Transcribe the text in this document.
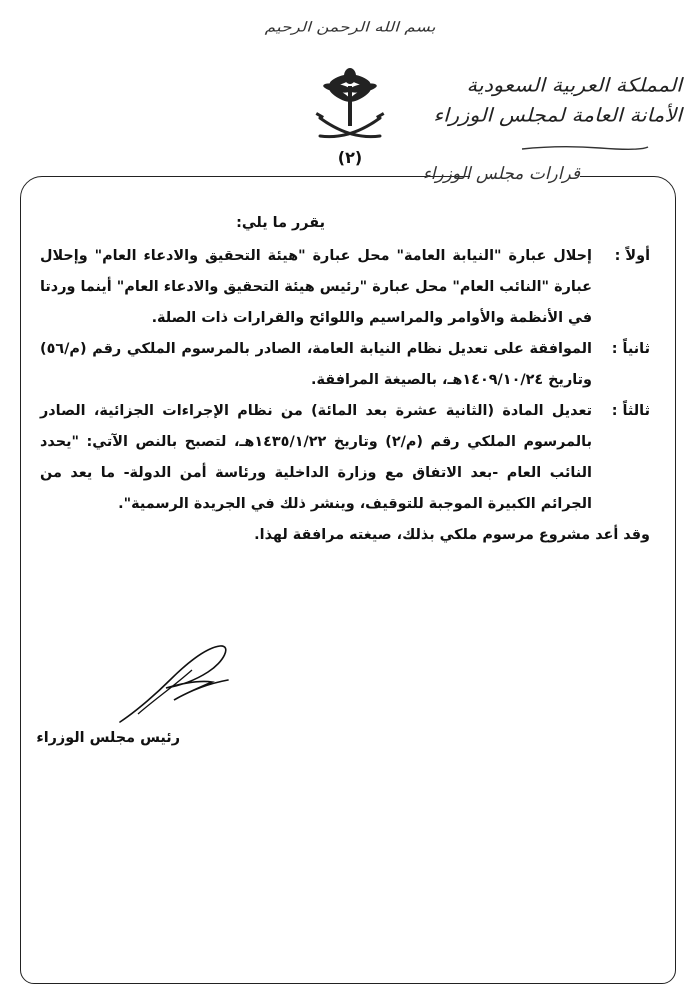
بسم الله الرحمن الرحيم
(٢)
المملكة العربية السعودية
الأمانة العامة لمجلس الوزراء
قرارات مجلس الوزراء
يقرر ما يلي:
أولاً :
إحلال عبارة "النيابة العامة" محل عبارة "هيئة التحقيق والادعاء العام" وإحلال عبارة "النائب العام" محل عبارة "رئيس هيئة التحقيق والادعاء العام" أينما وردتا في الأنظمة والأوامر والمراسيم واللوائح والقرارات ذات الصلة.
ثانياً :
الموافقة على تعديل نظام النيابة العامة، الصادر بالمرسوم الملكي رقم (م/٥٦) وتاريخ ١٤٠٩/١٠/٢٤هـ، بالصيغة المرافقة.
ثالثاً :
تعديل المادة (الثانية عشرة بعد المائة) من نظام الإجراءات الجزائية، الصادر بالمرسوم الملكي رقم (م/٢) وتاريخ ١٤٣٥/١/٢٢هـ، لتصبح بالنص الآتي: "يحدد النائب العام -بعد الاتفاق مع وزارة الداخلية ورئاسة أمن الدولة- ما يعد من الجرائم الكبيرة الموجبة للتوقيف، وينشر ذلك في الجريدة الرسمية".
وقد أعد مشروع مرسوم ملكي بذلك، صيغته مرافقة لهذا.
رئيس مجلس الوزراء
